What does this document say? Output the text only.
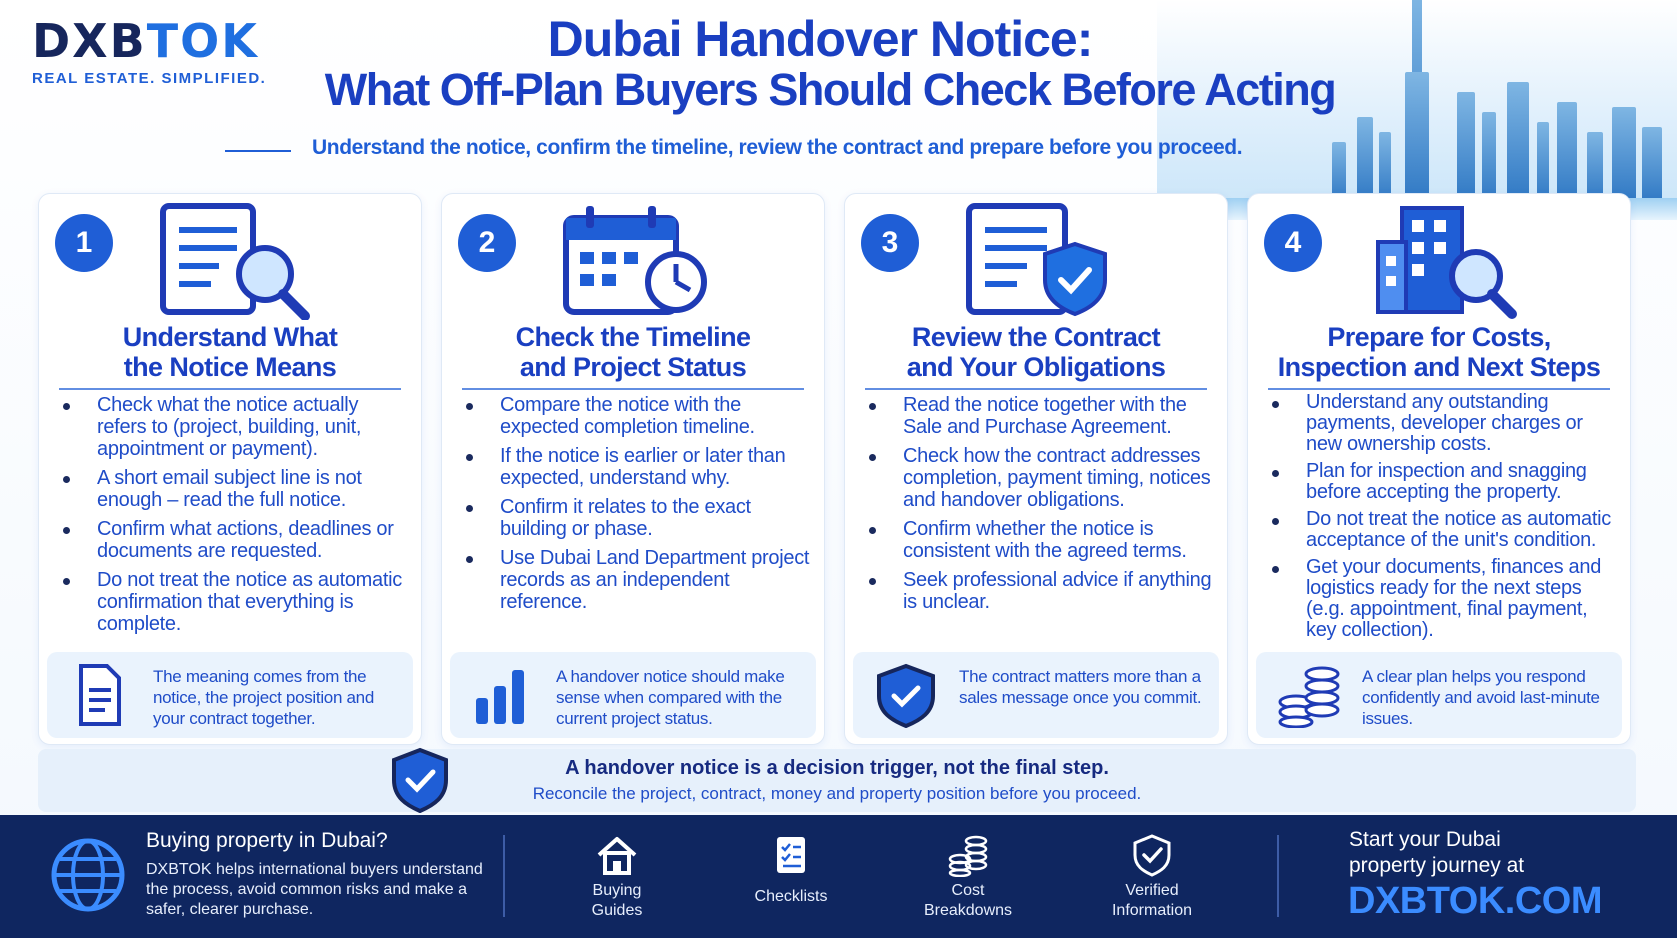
DXBTOK
REAL ESTATE. SIMPLIFIED.
Dubai Handover Notice:
What Off-Plan Buyers Should Check Before Acting
Understand the notice, confirm the timeline, review the contract and prepare before you proceed.
1
Understand What
the Notice Means
Check what the notice actually refers to (project, building, unit, appointment or payment).
A short email subject line is not enough – read the full notice.
Confirm what actions, deadlines or documents are requested.
Do not treat the notice as automatic confirmation that everything is complete.
The meaning comes from the notice, the project position and your contract together.
2
Check the Timeline
and Project Status
Compare the notice with the expected completion timeline.
If the notice is earlier or later than expected, understand why.
Confirm it relates to the exact building or phase.
Use Dubai Land Department project records as an independent reference.
A handover notice should make sense when compared with the current project status.
3
Review the Contract
and Your Obligations
Read the notice together with the Sale and Purchase Agreement.
Check how the contract addresses completion, payment timing, notices and handover obligations.
Confirm whether the notice is consistent with the agreed terms.
Seek professional advice if anything is unclear.
The contract matters more than a sales message once you commit.
4
Prepare for Costs,
Inspection and Next Steps
Understand any outstanding payments, developer charges or new ownership costs.
Plan for inspection and snagging before accepting the property.
Do not treat the notice as automatic acceptance of the unit's condition.
Get your documents, finances and logistics ready for the next steps (e.g. appointment, final payment, key collection).
A clear plan helps you respond confidently and avoid last-minute issues.
A handover notice is a decision trigger, not the final step.
Reconcile the project, contract, money and property position before you proceed.
Buying property in Dubai?
DXBTOK helps international buyers understand the process, avoid common risks and make a safer, clearer purchase.
Buying
Guides
Checklists	Cost
Breakdowns
Verified
Information
Start your Dubai
property journey at
DXBTOK.COM
